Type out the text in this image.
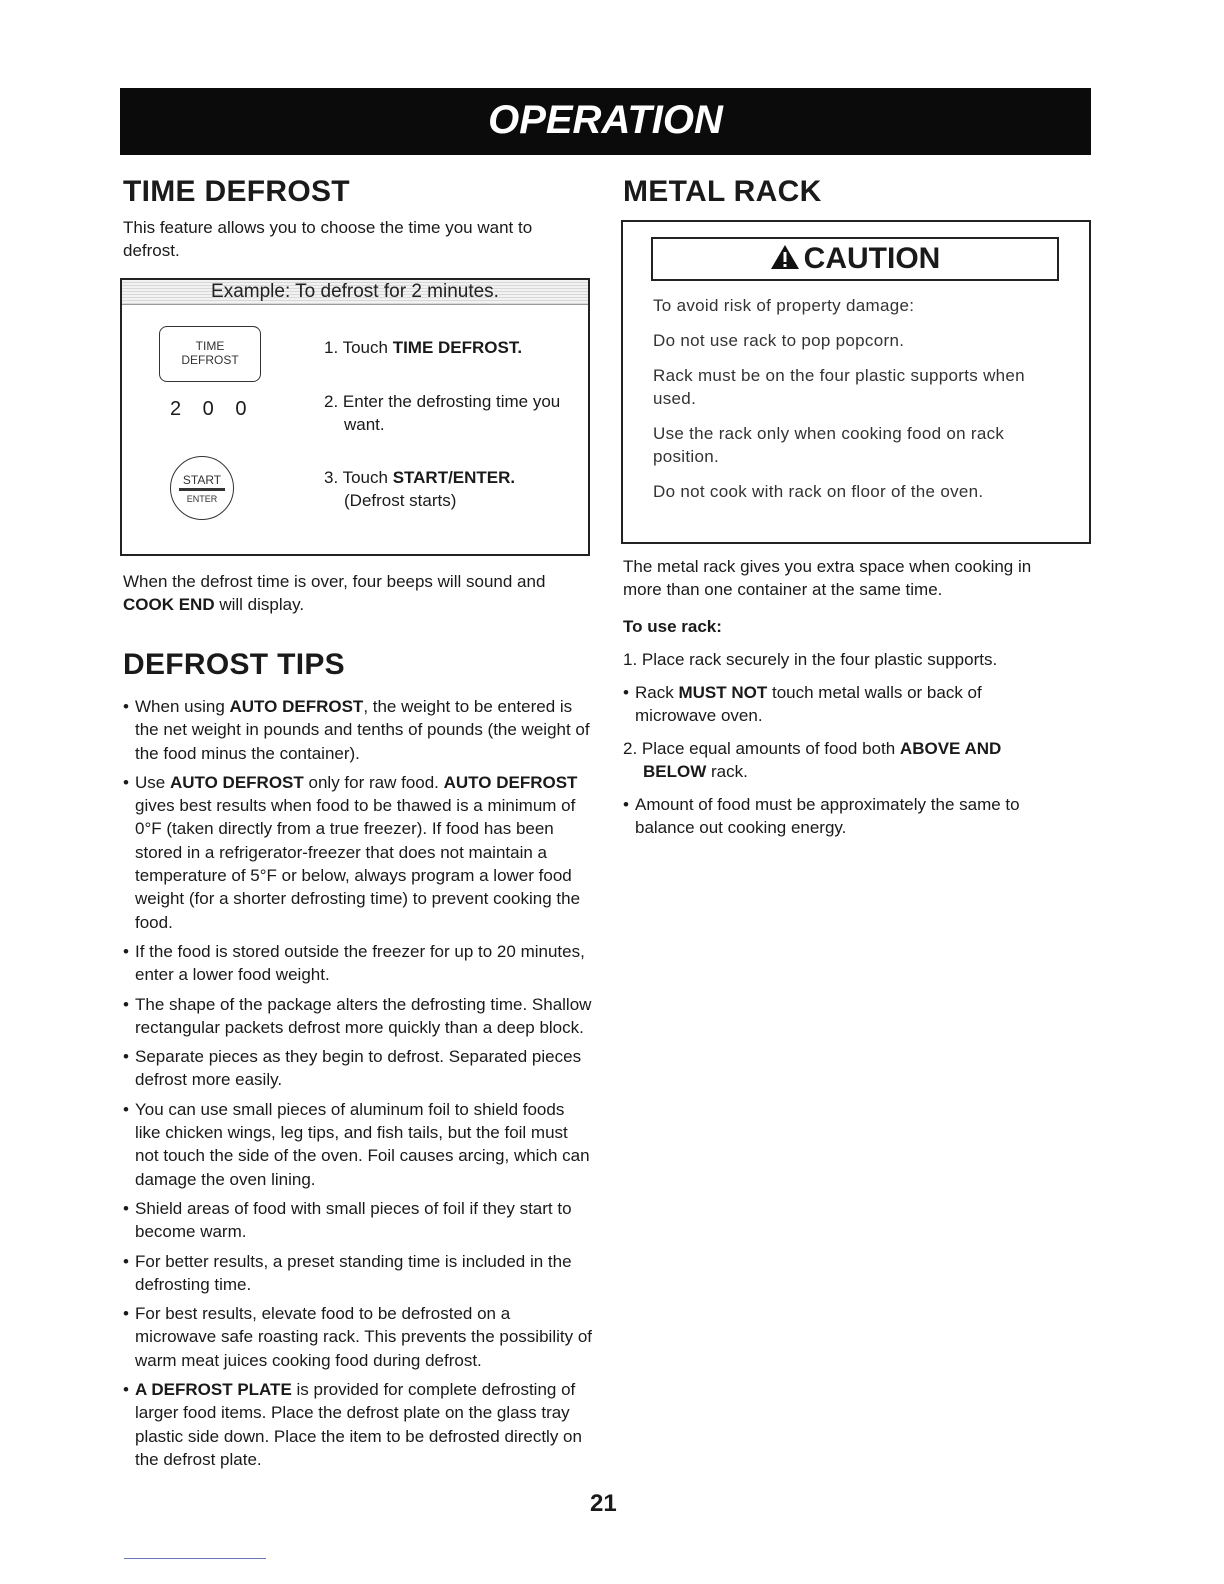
OPERATION
TIME DEFROST

This feature allows you to choose the time you want to defrost.

Example: To defrost for 2 minutes.
TIME
DEFROST
2 0 0
START
ENTER
1. Touch TIME DEFROST.
2. Enter the defrosting time you
want.
3. Touch START/ENTER.
(Defrost starts)

When the defrost time is over, four beeps will sound and COOK END will display.

DEFROST TIPS
• When using AUTO DEFROST, the weight to be entered is the net weight in pounds and tenths of pounds (the weight of the food minus the container).
• Use AUTO DEFROST only for raw food. AUTO DEFROST gives best results when food to be thawed is a minimum of 0°F (taken directly from a true freezer). If food has been stored in a refrigerator-freezer that does not maintain a temperature of 5°F or below, always program a lower food weight (for a shorter defrosting time) to prevent cooking the food.
• If the food is stored outside the freezer for up to 20 minutes, enter a lower food weight.
• The shape of the package alters the defrosting time. Shallow rectangular packets defrost more quickly than a deep block.
• Separate pieces as they begin to defrost. Separated pieces defrost more easily.
• You can use small pieces of aluminum foil to shield foods like chicken wings, leg tips, and fish tails, but the foil must not touch the side of the oven. Foil causes arcing, which can damage the oven lining.
• Shield areas of food with small pieces of foil if they start to become warm.
• For better results, a preset standing time is included in the defrosting time.
• For best results, elevate food to be defrosted on a microwave safe roasting rack. This prevents the possibility of warm meat juices cooking food during defrost.
• A DEFROST PLATE is provided for complete defrosting of larger food items. Place the defrost plate on the glass tray plastic side down. Place the item to be defrosted directly on the defrost plate.
METAL RACK
CAUTION

To avoid risk of property damage:

Do not use rack to pop popcorn.

Rack must be on the four plastic supports when used.

Use the rack only when cooking food on rack position.

Do not cook with rack on floor of the oven.

The metal rack gives you extra space when cooking in more than one container at the same time.

To use rack:

1. Place rack securely in the four plastic supports.

• Rack MUST NOT touch metal walls or back of microwave oven.

2. Place equal amounts of food both ABOVE AND BELOW rack.

• Amount of food must be approximately the same to balance out cooking energy.

21
